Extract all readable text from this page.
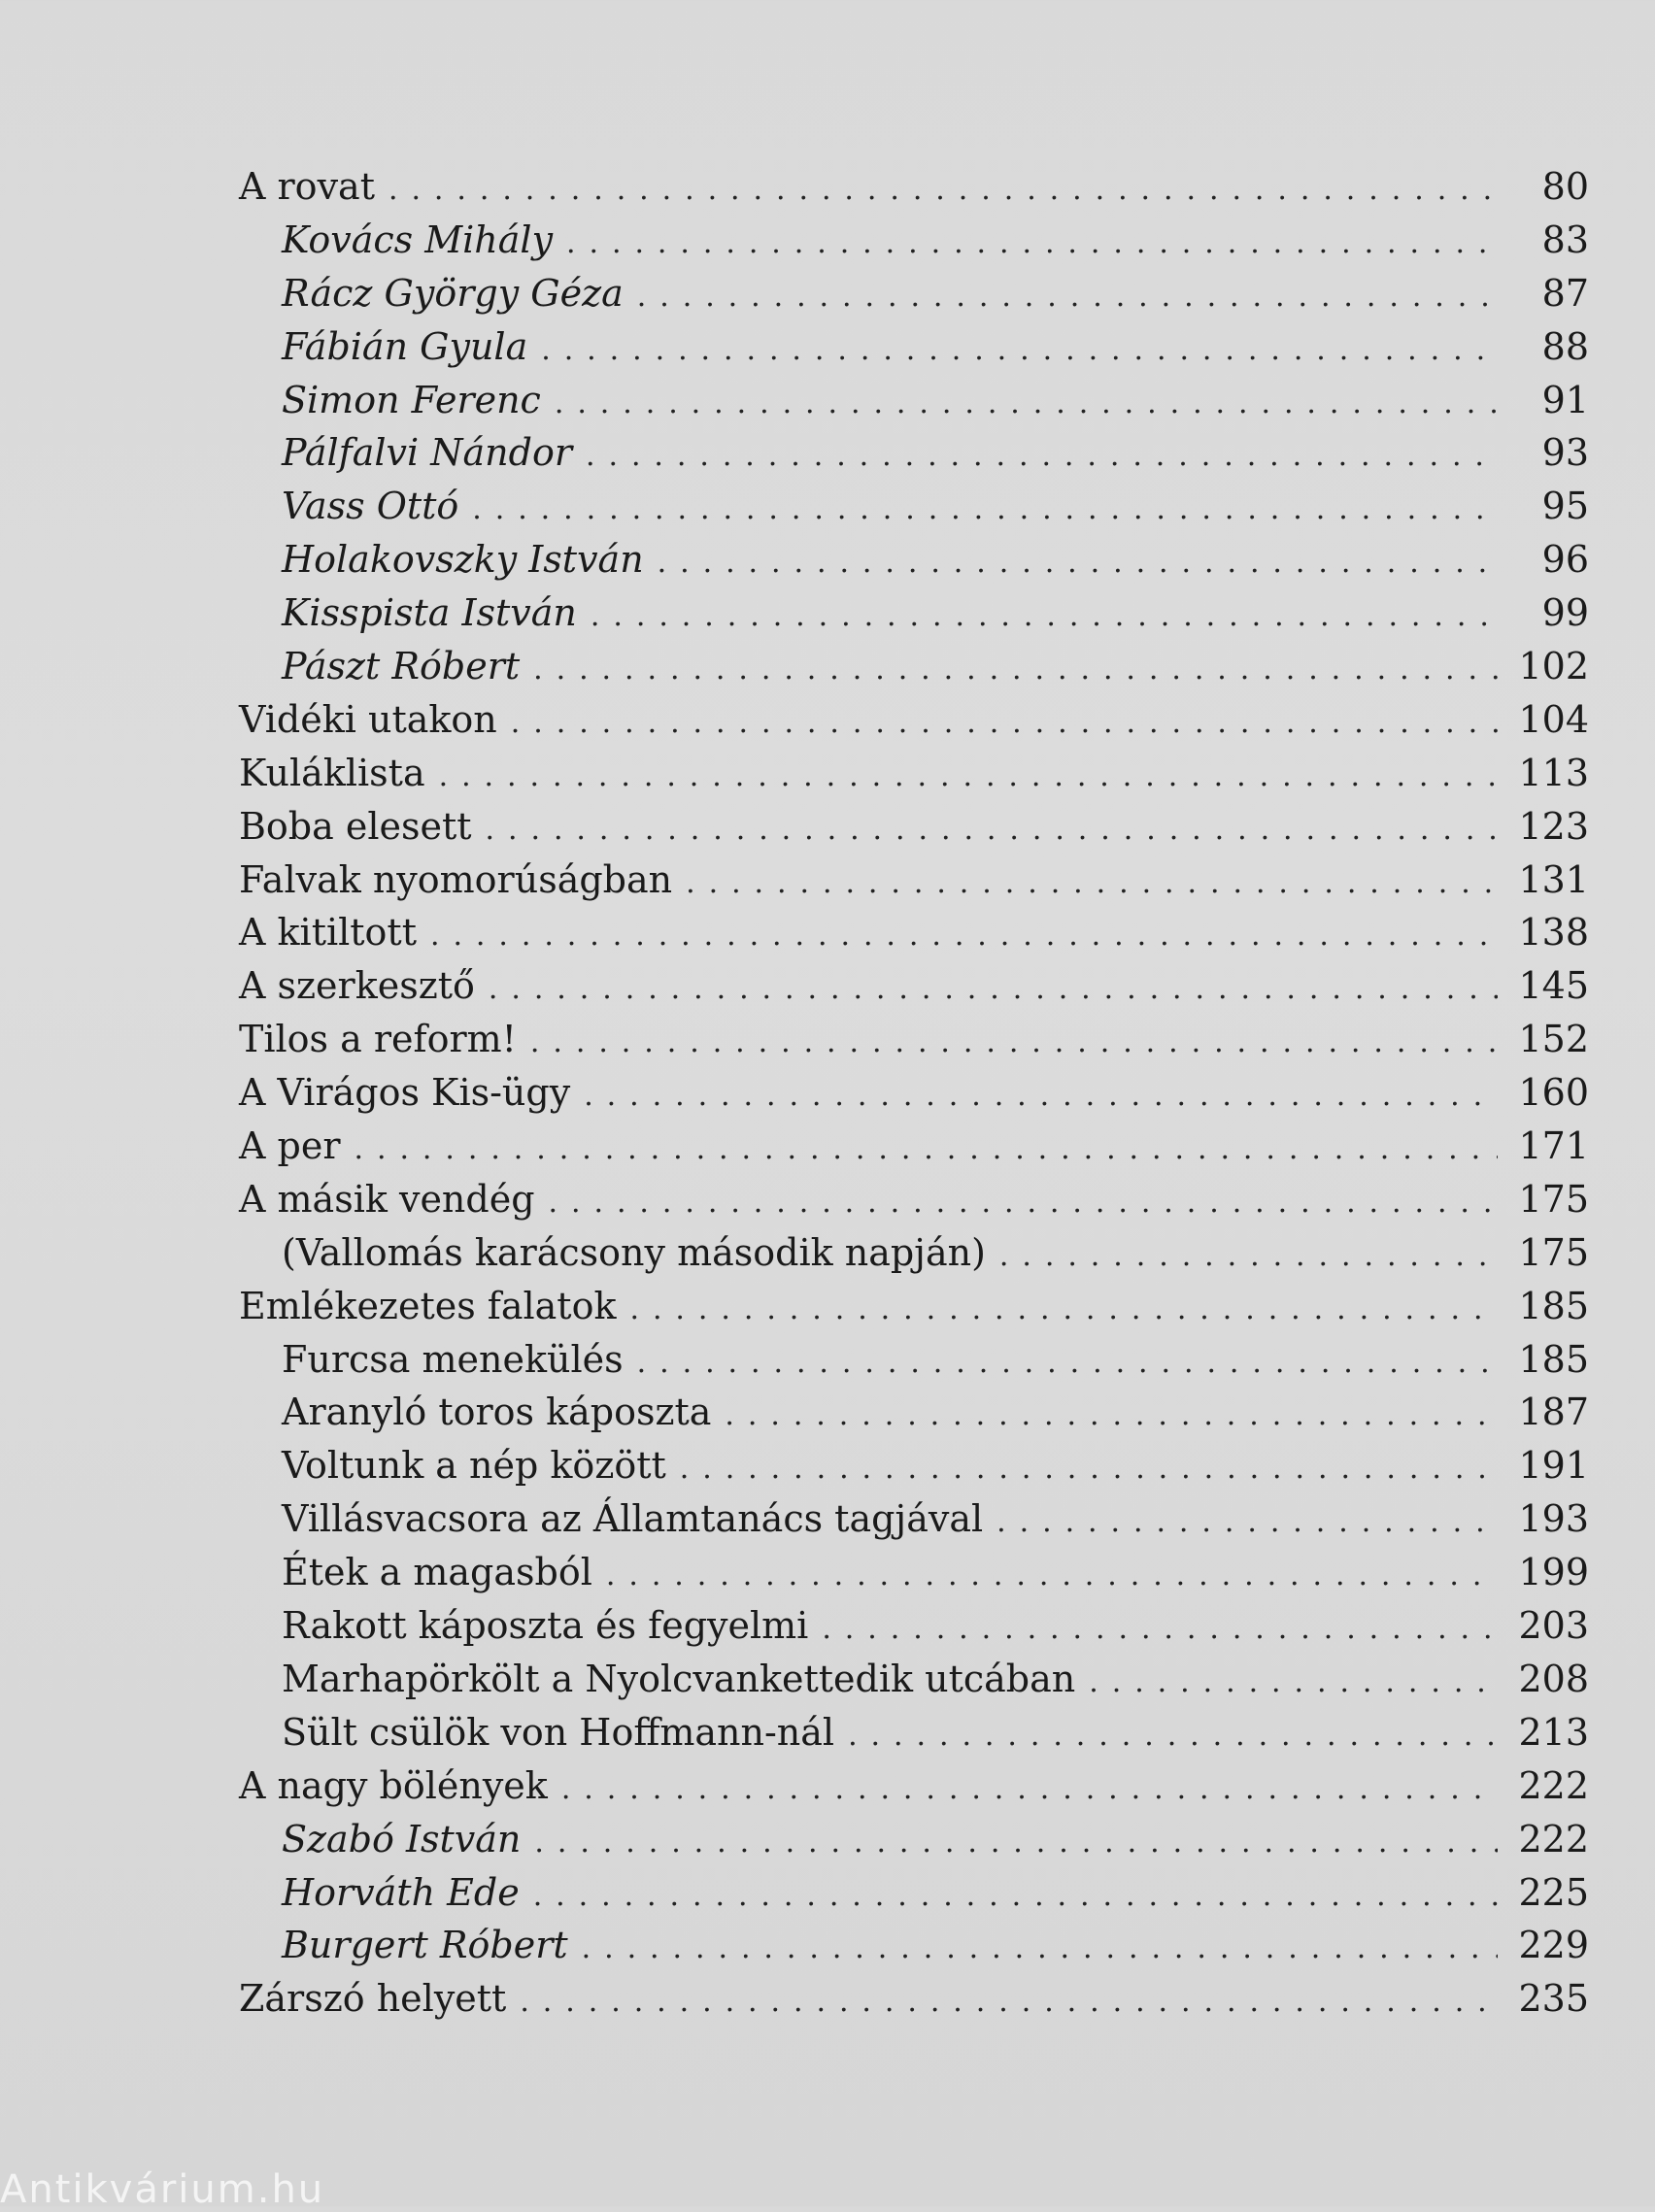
A rovat . . .	80
Kovács Mihály . . .	83
Rácz György Géza . . .	87
Fábián Gyula . . .	88
Simon Ferenc . . .	91
Pálfalvi Nándor . . .	93
Vass Ottó . . .	95
Holakovszky István . . .	96
Kisspista István . . .	99
Pászt Róbert . . .	102
Vidéki utakon . . .	104
Kuláklista . . .	113
Boba elesett . . .	123
Falvak nyomorúságban . . .	131
A kitiltott . . .	138
A szerkesztő . . .	145
Tilos a reform! . . .	152
A Virágos Kis-ügy . . .	160
A per . . .	171
A másik vendég . . .	175
(Vallomás karácsony második napján) . . .	175
Emlékezetes falatok . . .	185
Furcsa menekülés . . .	185
Aranyló toros káposzta . . .	187
Voltunk a nép között . . .	191
Villásvacsora az Államtanács tagjával . . .	193
Étek a magasból . . .	199
Rakott káposzta és fegyelmi . . .	203
Marhapörkölt a Nyolcvankettedik utcában . . .	208
Sült csülök von Hoffmann-nál . . .	213
A nagy bölények . . .	222
Szabó István . . .	222
Horváth Ede . . .	225
Burgert Róbert . . .	229
Zárszó helyett . . .	235
Antikvárium.hu
